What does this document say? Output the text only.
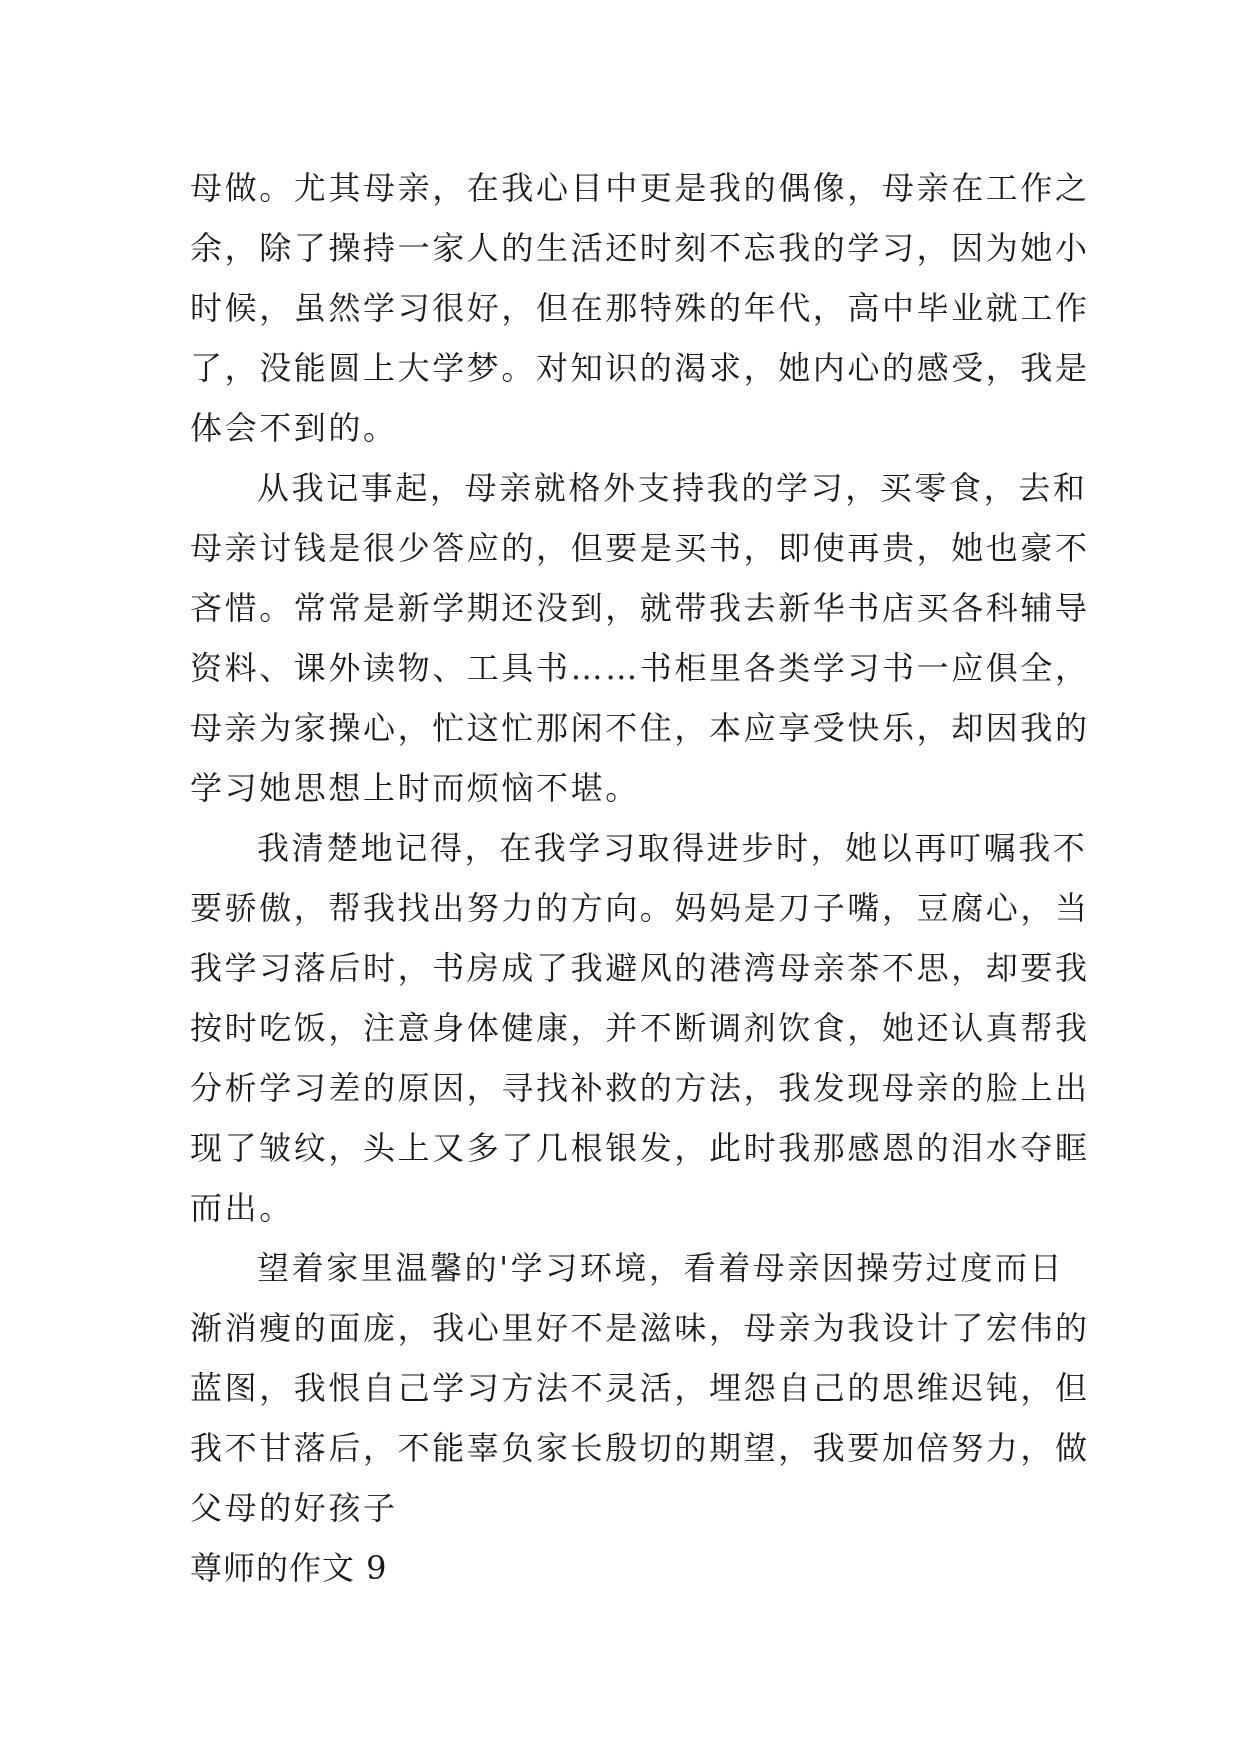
母做。尤其母亲，在我心目中更是我的偶像，母亲在工作之
余，除了操持一家人的生活还时刻不忘我的学习，因为她小
时候，虽然学习很好，但在那特殊的年代，高中毕业就工作
了，没能圆上大学梦。对知识的渴求，她内心的感受，我是
体会不到的。
从我记事起，母亲就格外支持我的学习，买零食，去和
母亲讨钱是很少答应的，但要是买书，即使再贵，她也豪不
吝惜。常常是新学期还没到，就带我去新华书店买各科辅导
资料、课外读物、工具书……书柜里各类学习书一应俱全，
母亲为家操心，忙这忙那闲不住，本应享受快乐，却因我的
学习她思想上时而烦恼不堪。
我清楚地记得，在我学习取得进步时，她以再叮嘱我不
要骄傲，帮我找出努力的方向。妈妈是刀子嘴，豆腐心，当
我学习落后时，书房成了我避风的港湾母亲茶不思，却要我
按时吃饭，注意身体健康，并不断调剂饮食，她还认真帮我
分析学习差的原因，寻找补救的方法，我发现母亲的脸上出
现了皱纹，头上又多了几根银发，此时我那感恩的泪水夺眶
而出。
望着家里温馨的'学习环境，看着母亲因操劳过度而日
渐消瘦的面庞，我心里好不是滋味，母亲为我设计了宏伟的
蓝图，我恨自己学习方法不灵活，埋怨自己的思维迟钝，但
我不甘落后，不能辜负家长殷切的期望，我要加倍努力，做
父母的好孩子
尊师的作文 9
